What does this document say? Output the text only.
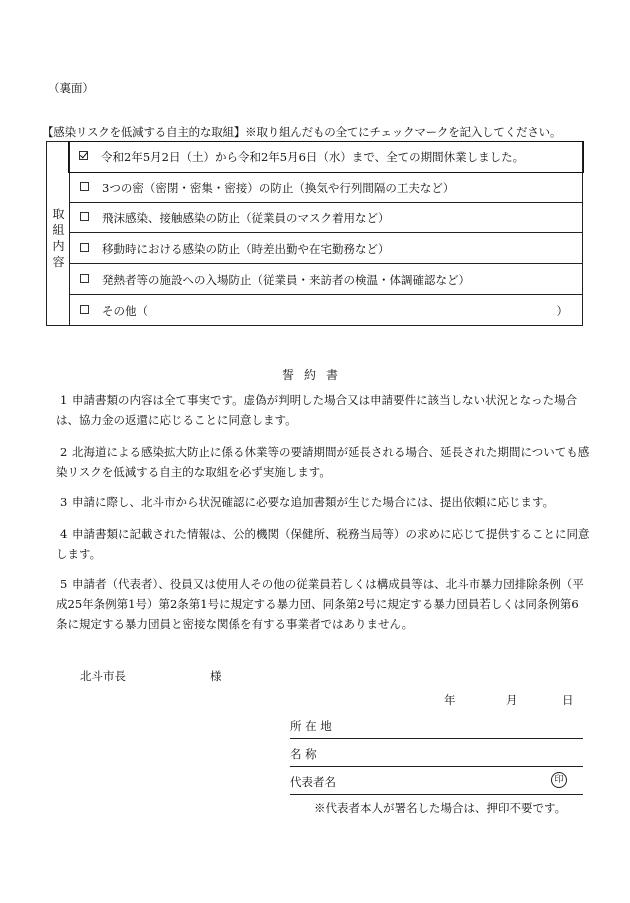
（裏面）
【感染リスクを低減する自主的な取組】※取り組んだもの全てにチェックマークを記入してください。
取組内容
令和2年5月2日（土）から令和2年5月6日（水）まで、全ての期間休業しました。
3つの密（密閉・密集・密接）の防止（換気や行列間隔の工夫など）
飛沫感染、接触感染の防止（従業員のマスク着用など）
移動時における感染の防止（時差出勤や在宅勤務など）
発熱者等の施設への入場防止（従業員・来訪者の検温・体調確認など）
その他（	）
誓約書
1 申請書類の内容は全て事実です。虚偽が判明した場合又は申請要件に該当しない状況となった場合は、協力金の返還に応じることに同意します。
2 北海道による感染拡大防止に係る休業等の要請期間が延長される場合、延長された期間についても感染リスクを低減する自主的な取組を必ず実施します。
3 申請に際し、北斗市から状況確認に必要な追加書類が生じた場合には、提出依頼に応じます。
4 申請書類に記載された情報は、公的機関（保健所、税務当局等）の求めに応じて提供することに同意します。
5 申請者（代表者）、役員又は使用人その他の従業員若しくは構成員等は、北斗市暴力団排除条例（平成25年条例第1号）第2条第1号に規定する暴力団、同条第2号に規定する暴力団員若しくは同条例第6条に規定する暴力団員と密接な関係を有する事業者ではありません。
北斗市長	様
年	月	日
所 在 地
名 称
代表者名	印
※代表者本人が署名した場合は、押印不要です。
